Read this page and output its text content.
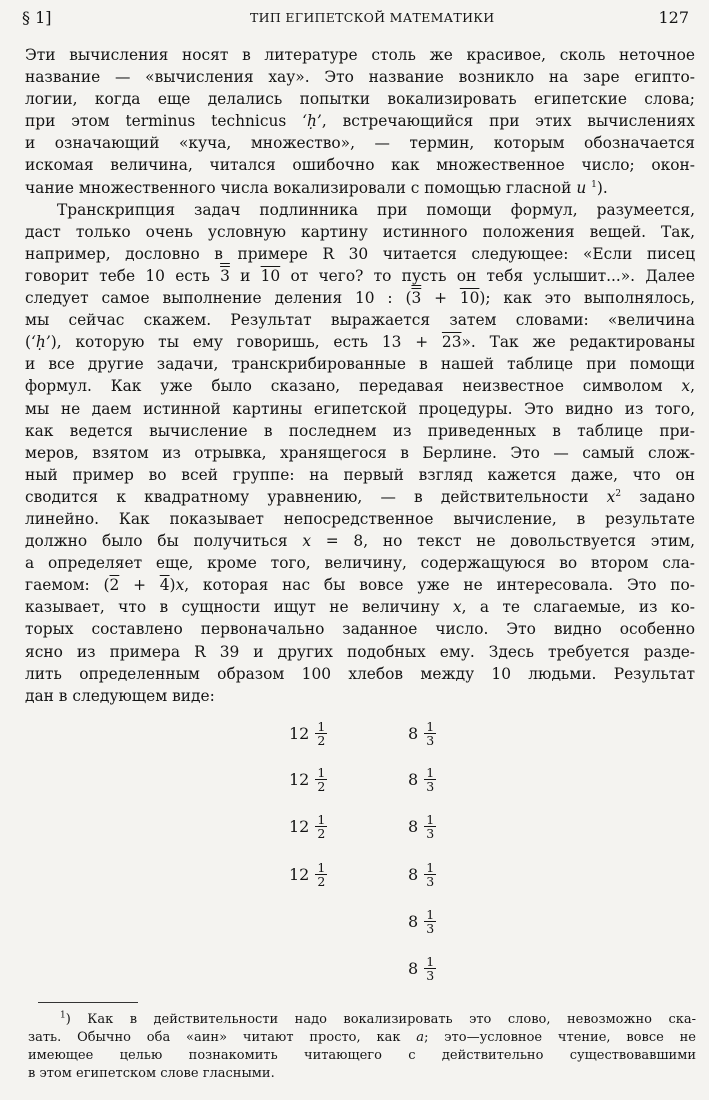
§ 1]	ТИП ЕГИПЕТСКОЙ МАТЕМАТИКИ	127
Эти вычисления носят в литературе столь же красивое, сколь неточное
название — «вычисления хау». Это название возникло на заре египто-
логии, когда еще делались попытки вокализировать египетские слова;
при этом terminus technicus ‘ḥ’, встречающийся при этих вычислениях
и означающий «куча, множество», — термин, которым обозначается
искомая величина, читался ошибочно как множественное число; окон-
чание множественного числа вокализировали с помощью гласной u $^1$).
Транскрипция задач подлинника при помощи формул, разумеется,
даст только очень условную картину истинного положения вещей. Так,
например, дословно в примере R 30 читается следующее: «Если писец
говорит тебе 10 есть 3 и 10 от чего? то пусть он тебя услышит...». Далее
следует самое выполнение деления 10 : (3 + 10); как это выполнялось,
мы сейчас скажем. Результат выражается затем словами: «величина
(‘ḥ’), которую ты ему говоришь, есть 13 + 23». Так же редактированы
и все другие задачи, транскрибированные в нашей таблице при помощи
формул. Как уже было сказано, передавая неизвестное символом x,
мы не даем истинной картины египетской процедуры. Это видно из того,
как ведется вычисление в последнем из приведенных в таблице при-
меров, взятом из отрывка, хранящегося в Берлине. Это — самый слож-
ный пример во всей группе: на первый взгляд кажется даже, что он
сводится к квадратному уравнению, — в действительности $x^2$ задано
линейно. Как показывает непосредственное вычисление, в результате
должно было бы получиться x = 8, но текст не довольствуется этим,
а определяет еще, кроме того, величину, содержащуюся во втором сла-
гаемом: (2 + 4)x, которая нас бы вовсе уже не интересовала. Это по-
казывает, что в сущности ищут не величину x, а те слагаемые, из ко-
торых составлено первоначально заданное число. Это видно особенно
ясно из примера R 39 и других подобных ему. Здесь требуется разде-
лить определенным образом 100 хлебов между 10 людьми. Результат
дан в следующем виде:
$12 \frac{1}{2}$
$12 \frac{1}{2}$
$12 \frac{1}{2}$
$12 \frac{1}{2}$
$8 \frac{1}{3}$
$8 \frac{1}{3}$
$8 \frac{1}{3}$
$8 \frac{1}{3}$
$8 \frac{1}{3}$
$8 \frac{1}{3}$
$^1$) Как в действительности надо вокализировать это слово, невозможно ска-
зать. Обычно оба «аин» читают просто, как a; это—условное чтение, вовсе не
имеющее целью познакомить читающего с действительно существовавшими
в этом египетском слове гласными.
